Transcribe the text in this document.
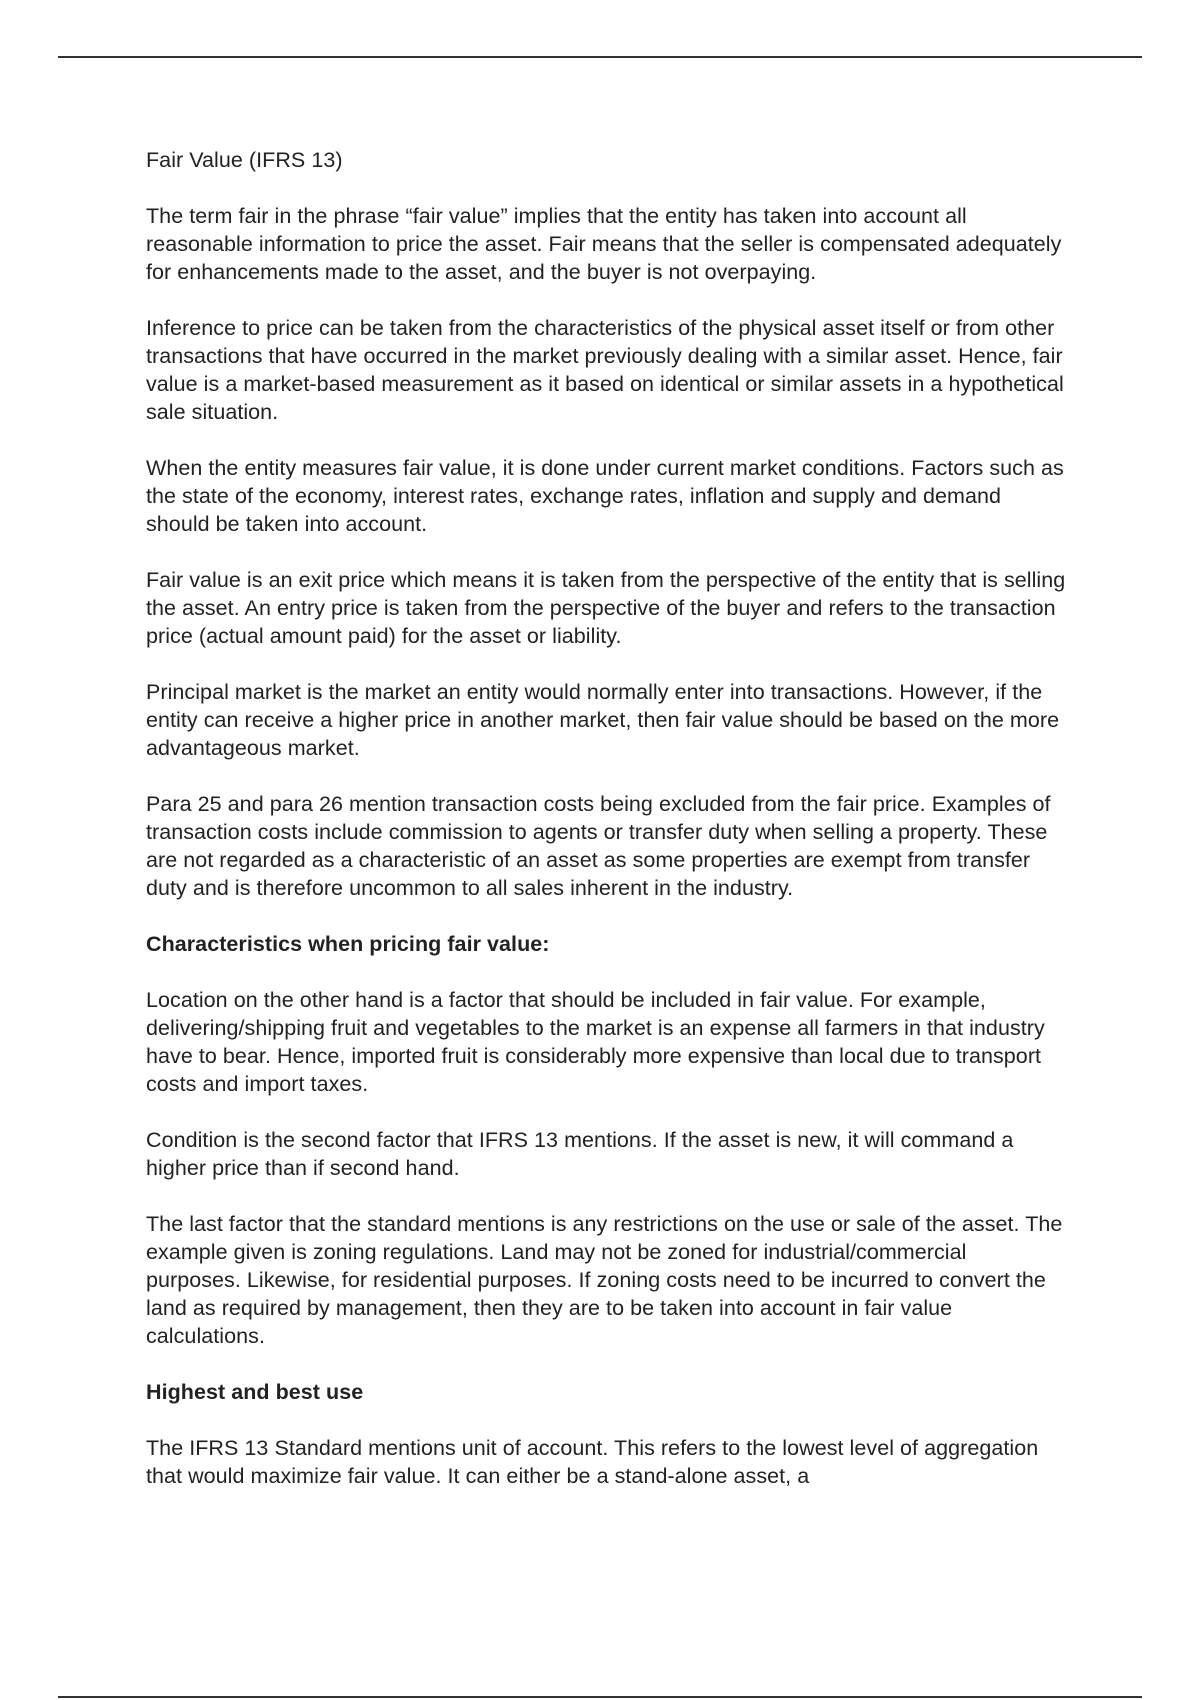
Fair Value (IFRS 13)

The term fair in the phrase “fair value” implies that the entity has taken into account all reasonable information to price the asset. Fair means that the seller is compensated adequately for enhancements made to the asset, and the buyer is not overpaying.

Inference to price can be taken from the characteristics of the physical asset itself or from other transactions that have occurred in the market previously dealing with a similar asset. Hence, fair value is a market-based measurement as it based on identical or similar assets in a hypothetical sale situation.

When the entity measures fair value, it is done under current market conditions. Factors such as the state of the economy, interest rates, exchange rates, inflation and supply and demand should be taken into account.

Fair value is an exit price which means it is taken from the perspective of the entity that is selling the asset. An entry price is taken from the perspective of the buyer and refers to the transaction price (actual amount paid) for the asset or liability.

Principal market is the market an entity would normally enter into transactions. However, if the entity can receive a higher price in another market, then fair value should be based on the more advantageous market.

Para 25 and para 26 mention transaction costs being excluded from the fair price. Examples of transaction costs include commission to agents or transfer duty when selling a property. These are not regarded as a characteristic of an asset as some properties are exempt from transfer duty and is therefore uncommon to all sales inherent in the industry.

Characteristics when pricing fair value:

Location on the other hand is a factor that should be included in fair value. For example, delivering/shipping fruit and vegetables to the market is an expense all farmers in that industry have to bear. Hence, imported fruit is considerably more expensive than local due to transport costs and import taxes.

Condition is the second factor that IFRS 13 mentions. If the asset is new, it will command a higher price than if second hand.

The last factor that the standard mentions is any restrictions on the use or sale of the asset. The example given is zoning regulations. Land may not be zoned for industrial/commercial purposes. Likewise, for residential purposes. If zoning costs need to be incurred to convert the land as required by management, then they are to be taken into account in fair value calculations.

Highest and best use

The IFRS 13 Standard mentions unit of account. This refers to the lowest level of aggregation that would maximize fair value. It can either be a stand-alone asset, a
